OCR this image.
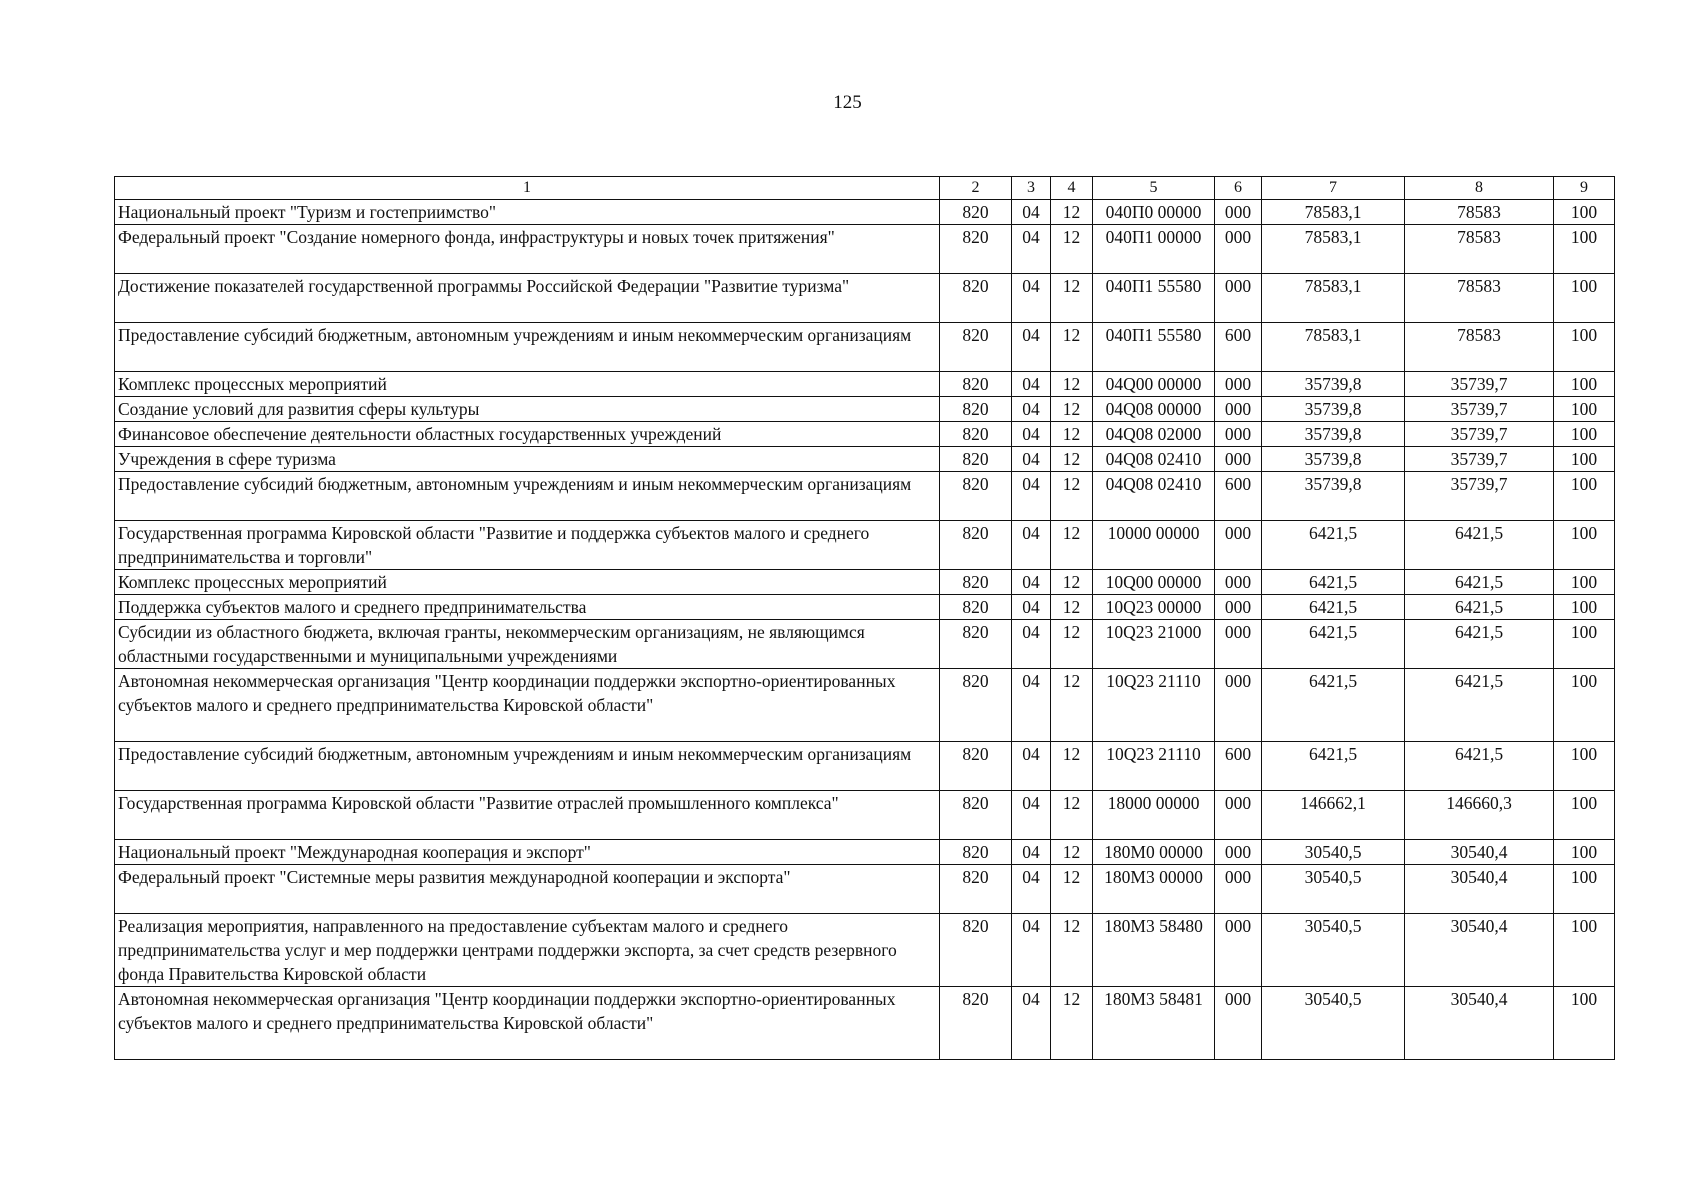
125
1	2	3	4	5	6	7	8	9
Национальный проект "Туризм и гостеприимство"	820	04	12	040П0 00000	000	78583,1	78583	100
Федеральный проект "Создание номерного фонда, инфраструктуры и новых точек притяжения"	820	04	12	040П1 00000	000	78583,1	78583	100
Достижение показателей государственной программы Российской Федерации "Развитие туризма"	820	04	12	040П1 55580	000	78583,1	78583	100
Предоставление субсидий бюджетным, автономным учреждениям и иным некоммерческим организациям	820	04	12	040П1 55580	600	78583,1	78583	100
Комплекс процессных мероприятий	820	04	12	04Q00 00000	000	35739,8	35739,7	100
Создание условий для развития сферы культуры	820	04	12	04Q08 00000	000	35739,8	35739,7	100
Финансовое обеспечение деятельности областных государственных учреждений	820	04	12	04Q08 02000	000	35739,8	35739,7	100
Учреждения в сфере туризма	820	04	12	04Q08 02410	000	35739,8	35739,7	100
Предоставление субсидий бюджетным, автономным учреждениям и иным некоммерческим организациям	820	04	12	04Q08 02410	600	35739,8	35739,7	100
Государственная программа Кировской области "Развитие и поддержка субъектов малого и среднего предпринимательства и торговли"	820	04	12	10000 00000	000	6421,5	6421,5	100
Комплекс процессных мероприятий	820	04	12	10Q00 00000	000	6421,5	6421,5	100
Поддержка субъектов малого и среднего предпринимательства	820	04	12	10Q23 00000	000	6421,5	6421,5	100
Субсидии из областного бюджета, включая гранты, некоммерческим организациям, не являющимся областными государственными и муниципальными учреждениями	820	04	12	10Q23 21000	000	6421,5	6421,5	100
Автономная некоммерческая организация "Центр координации поддержки экспортно-ориентированных субъектов малого и среднего предпринимательства Кировской области"	820	04	12	10Q23 21110	000	6421,5	6421,5	100
Предоставление субсидий бюджетным, автономным учреждениям и иным некоммерческим организациям	820	04	12	10Q23 21110	600	6421,5	6421,5	100
Государственная программа Кировской области "Развитие отраслей промышленного комплекса"	820	04	12	18000 00000	000	146662,1	146660,3	100
Национальный проект "Международная кооперация и экспорт"	820	04	12	180М0 00000	000	30540,5	30540,4	100
Федеральный проект "Системные меры развития международной кооперации и экспорта"	820	04	12	180М3 00000	000	30540,5	30540,4	100
Реализация мероприятия, направленного на предоставление субъектам малого и среднего предпринимательства услуг и мер поддержки центрами поддержки экспорта, за счет средств резервного фонда Правительства Кировской области	820	04	12	180М3 58480	000	30540,5	30540,4	100
Автономная некоммерческая организация "Центр координации поддержки экспортно-ориентированных субъектов малого и среднего предпринимательства Кировской области"	820	04	12	180М3 58481	000	30540,5	30540,4	100
